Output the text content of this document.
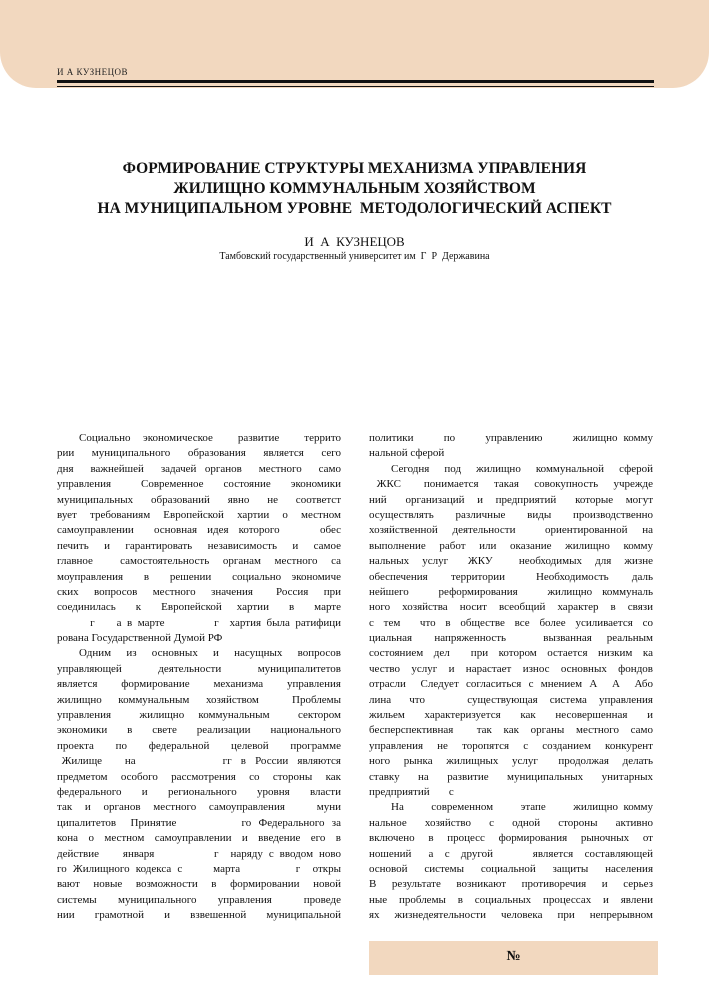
И А КУЗНЕЦОВ
ФОРМИРОВАНИЕ СТРУКТУРЫ МЕХАНИЗМА УПРАВЛЕНИЯ
ЖИЛИЩНО КОММУНАЛЬНЫМ ХОЗЯЙСТВОМ
НА МУНИЦИПАЛЬНОМ УРОВНЕ  МЕТОДОЛОГИЧЕСКИЙ АСПЕКТ
И  А  КУЗНЕЦОВ
Тамбовский государственный университет им  Г  Р  Державина
Социально экономическое  развитие  террито
рии муниципального образования является сего
дня  важнейшей  задачей органов  местного  само
управления   Современное  состояние  экономики
муниципальных  образований  явно  не  соответст
вует требованиям Европейской хартии о местном
самоуправлении  основная идея которого    обес
печить  и  гарантировать  независимость  и  самое
главное  самостоятельность органам местного са
моуправления  в  решении  социально экономиче
ских  вопросов  местного  значения   Россия  при
соединилась    к    Европейской   хартии    в    марте
г    а в марте         г  хартия была ратифици
рована Государственной Думой РФ
Одним  из  основных  и  насущных  вопросов
управляющей    деятельности    муниципалитетов
является  формирование  механизма  управления
жилищно коммунальным хозяйством  Проблемы
управления  жилищно коммунальным  сектором
экономики  в  свете  реализации  национального
проекта   по   федеральной   целевой   программе
Жилище     на                   гг  в  России  являются
предметом особого рассмотрения со стороны как
федерального   и   регионального   уровня   власти
так  и  органов  местного  самоуправления     муни
ципалитетов  Принятие         го Федерального за
кона о местном самоуправлении и введение его в
действие    января          г  наряду с вводом ново
го Жилищного кодекса с     марта         г  откры
вают новые возможности в формировании новой
системы  муниципального  управления   проведе
нии  грамотной  и  взвешенной  муниципальной
политики     по     управлению     жилищно комму
нальной сферой
Сегодня под жилищно коммунальной сферой
ЖКС   понимается  такая  совокупность  учрежде
ний   организаций  и  предприятий   которые  могут
осуществлять  различные  виды  производственно
хозяйственной деятельности  ориентированной на
выполнение работ или оказание жилищно комму
нальных  услуг   ЖКУ    необходимых  для  жизне
обеспечения   территории    Необходимость   даль
нейшего   реформирования   жилищно коммуналь
ного хозяйства носит всеобщий характер в связи
с тем  что в обществе все более усиливается со
циальная   напряженность     вызванная  реальным
состоянием дел  при котором остается низким ка
чество услуг и нарастает износ основных фондов
отрасли  Следует согласиться с мнением А  А  Або
лина   что       существующая  система  управления
жильем   характеризуется   как   несовершенная   и
бесперспективная  так как органы местного само
управления не торопятся с созданием конкурент
ного  рынка  жилищных  услуг   продолжая  делать
ставку   на   развитие   муниципальных   унитарных
предприятий       с
На     современном     этапе     жилищно комму
нальное   хозяйство   с   одной   стороны   активно
включено в процесс формирования рыночных от
ношений   а  с  другой       является  составляющей
основой системы социальной защиты населения
В  результате  возникают  противоречия  и  серьез
ные проблемы в социальных процессах и явлени
ях жизнедеятельности человека при непрерывном
№
